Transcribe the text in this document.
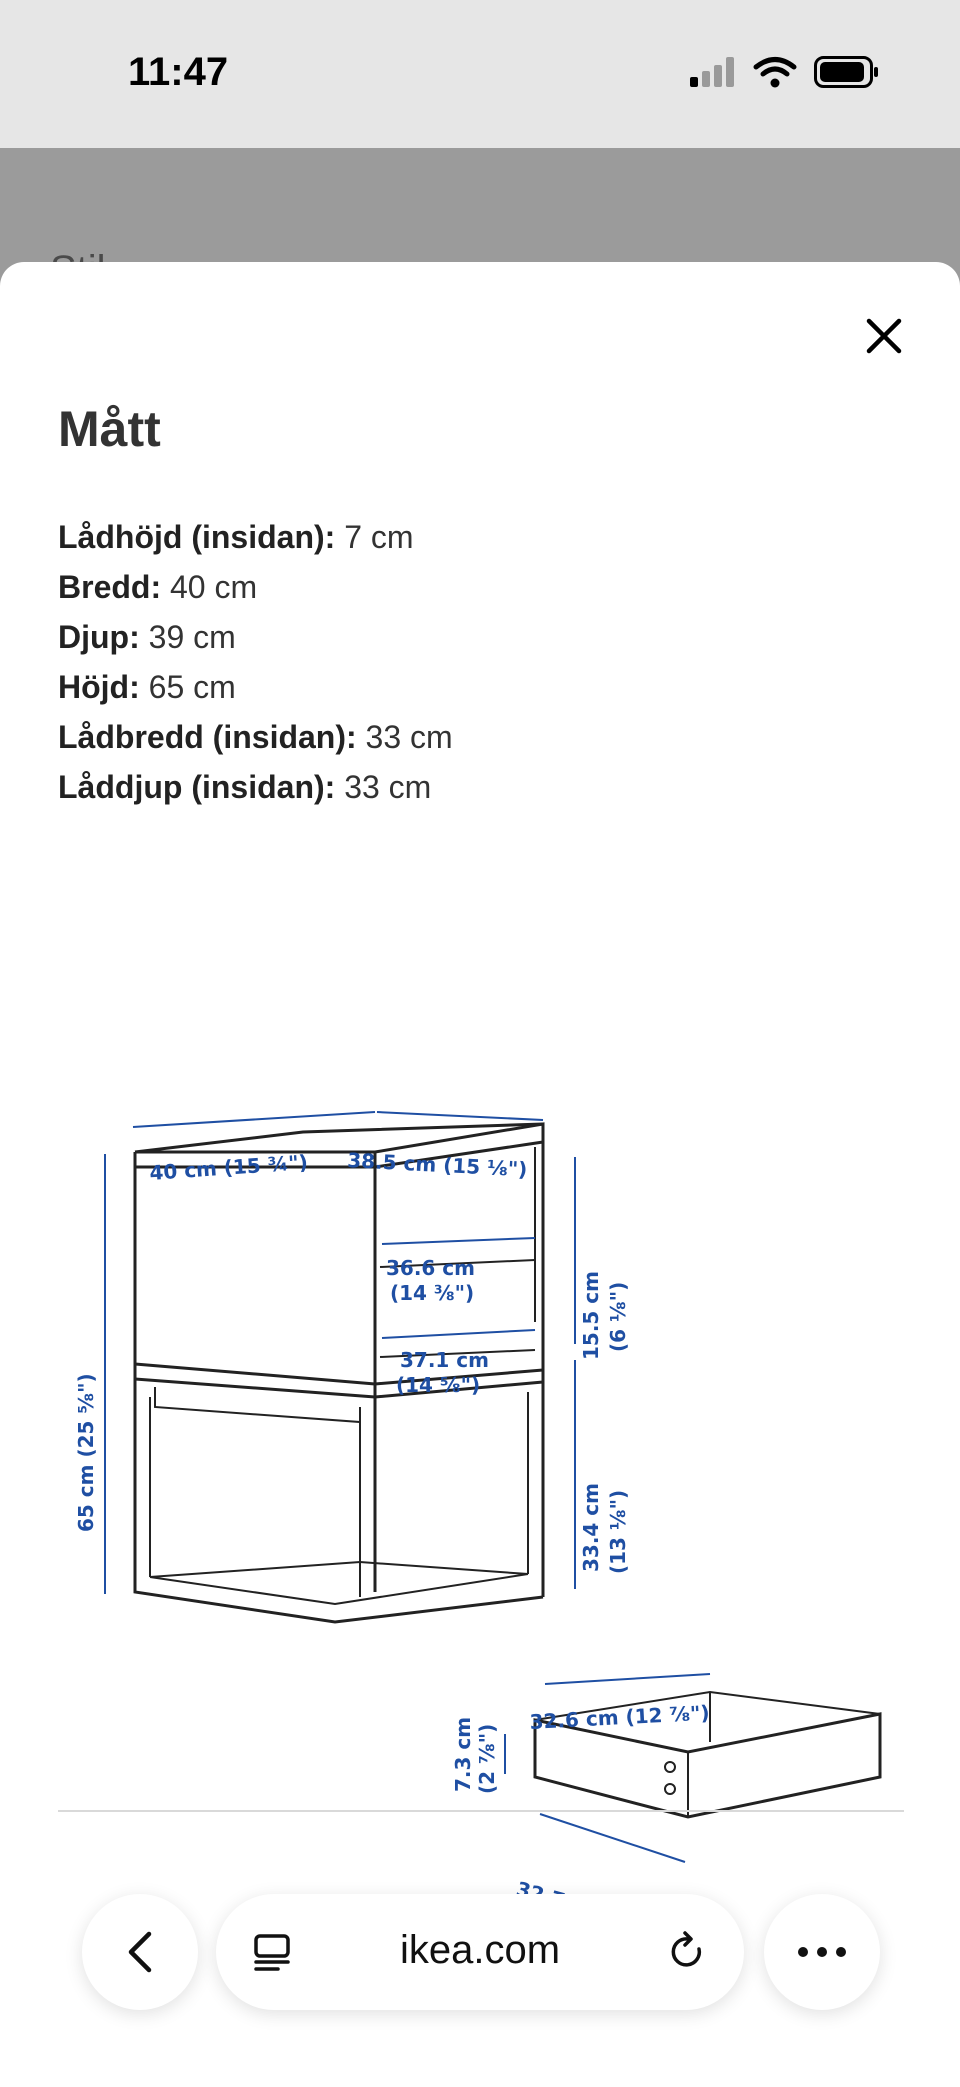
11:47
Mått
Lådhöjd (insidan): 7 cm
Bredd: 40 cm
Djup: 39 cm
Höjd: 65 cm
Lådbredd (insidan): 33 cm
Låddjup (insidan): 33 cm
40 cm (15 ¾") 38.5 cm (15 ⅛")
36.6 cm
(14 ⅜")
37.1 cm
(14 ⅝")
15.5 cm (6 ⅛")
65 cm (25 ⅝")	33.4 cm (13 ⅛")
32.6 cm (12 ⅞")
7.3 cm (2 ⅞")
ikea.com
